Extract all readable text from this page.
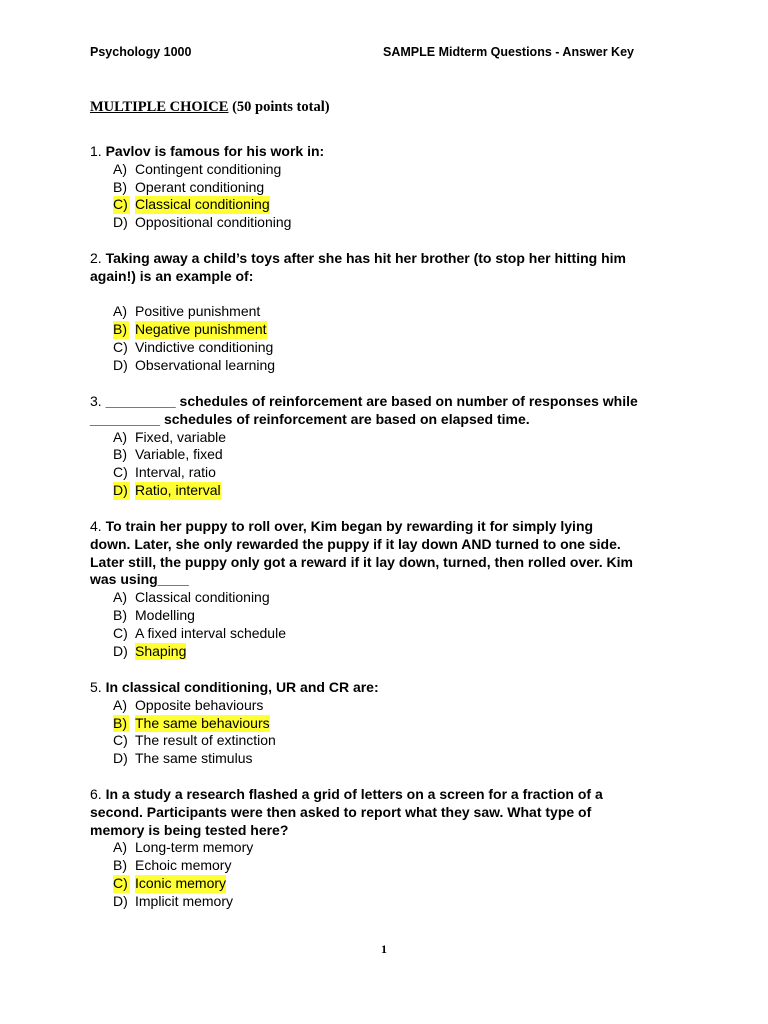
Psychology 1000	SAMPLE Midterm Questions - Answer Key
MULTIPLE CHOICE (50 points total)
1. Pavlov is famous for his work in:
A) Contingent conditioning
B) Operant conditioning
C) Classical conditioning
D) Oppositional conditioning
2. Taking away a child’s toys after she has hit her brother (to stop her hitting him
again!) is an example of:
A) Positive punishment
B) Negative punishment
C) Vindictive conditioning
D) Observational learning
3. _________ schedules of reinforcement are based on number of responses while
_________ schedules of reinforcement are based on elapsed time.
A) Fixed, variable
B) Variable, fixed
C) Interval, ratio
D) Ratio, interval
4. To train her puppy to roll over, Kim began by rewarding it for simply lying
down. Later, she only rewarded the puppy if it lay down AND turned to one side.
Later still, the puppy only got a reward if it lay down, turned, then rolled over. Kim
was using____
A) Classical conditioning
B) Modelling
C) A fixed interval schedule
D) Shaping
5. In classical conditioning, UR and CR are:
A) Opposite behaviours
B) The same behaviours
C) The result of extinction
D) The same stimulus
6. In a study a research flashed a grid of letters on a screen for a fraction of a
second. Participants were then asked to report what they saw. What type of
memory is being tested here?
A) Long-term memory
B) Echoic memory
C) Iconic memory
D) Implicit memory
1
